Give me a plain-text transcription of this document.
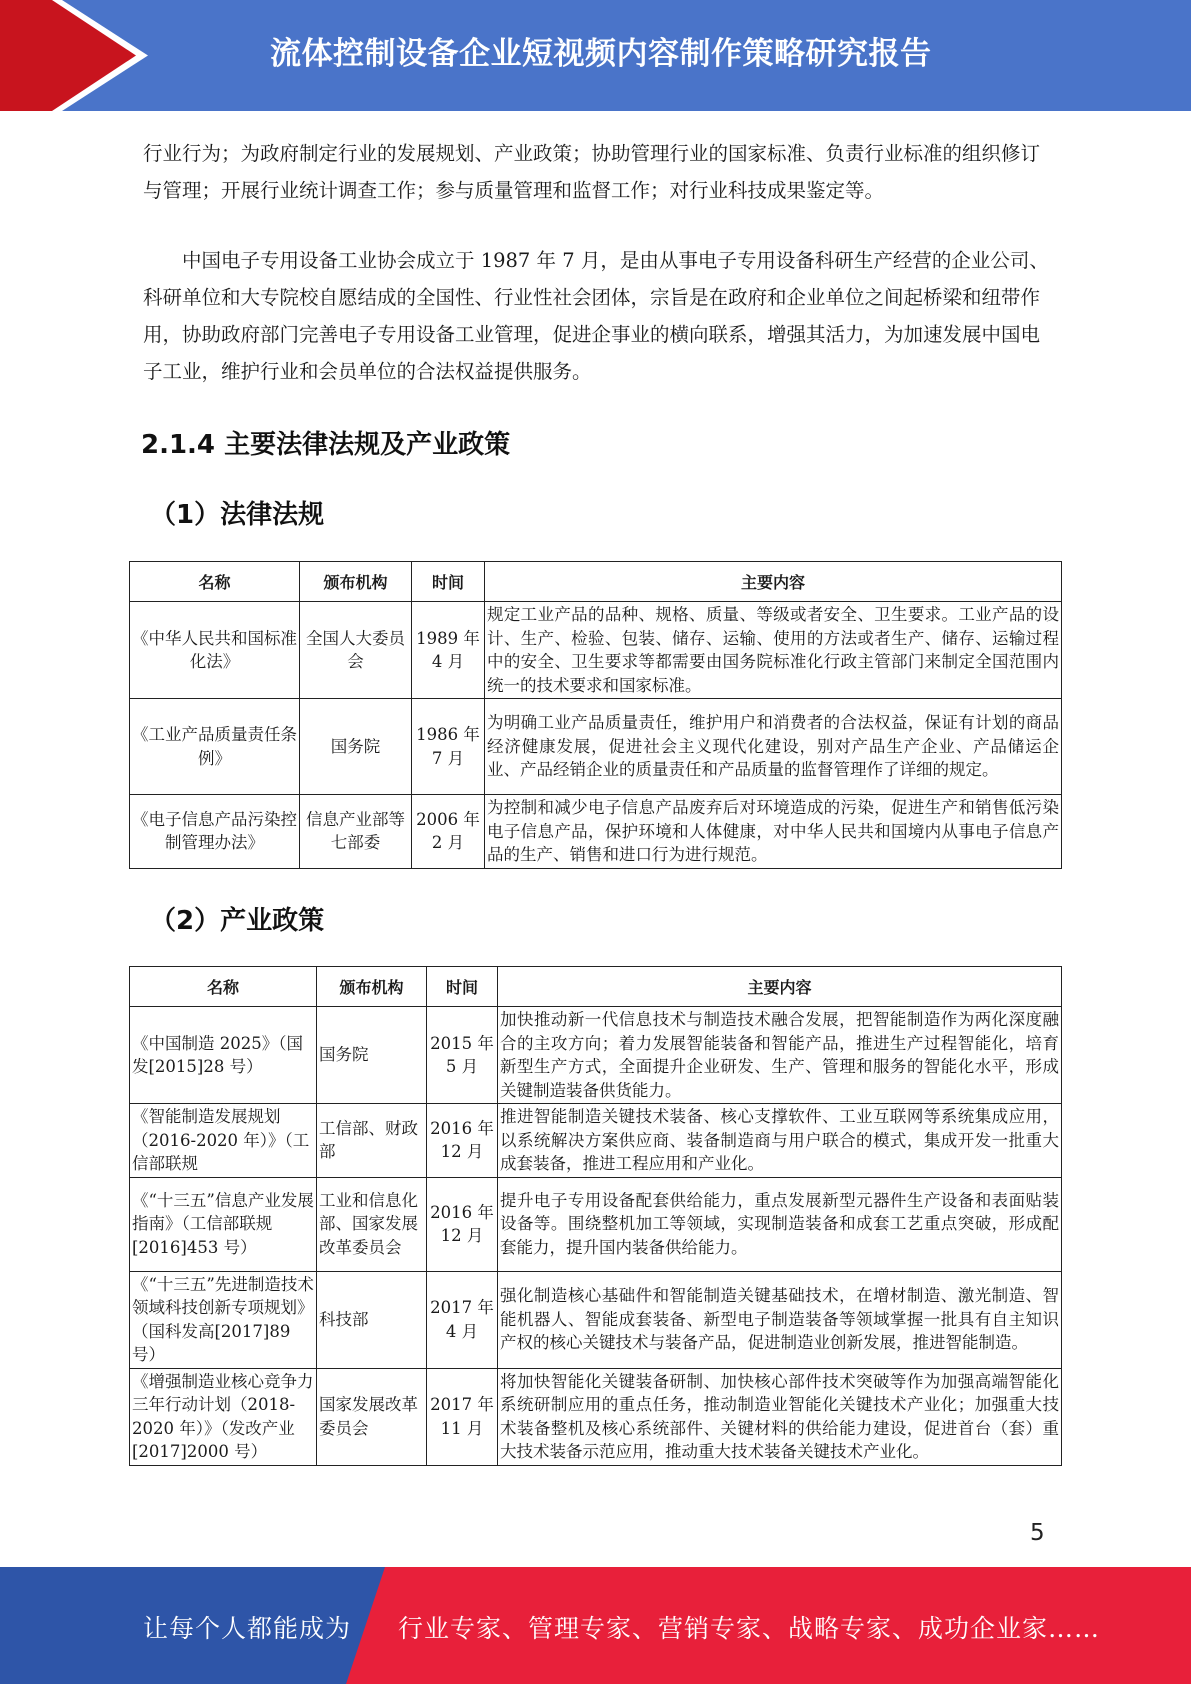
流体控制设备企业短视频内容制作策略研究报告

行业行为；为政府制定行业的发展规划、产业政策；协助管理行业的国家标准、负责行业标准的组织修订与管理；开展行业统计调查工作；参与质量管理和监督工作；对行业科技成果鉴定等。

中国电子专用设备工业协会成立于 1987 年 7 月，是由从事电子专用设备科研生产经营的企业公司、科研单位和大专院校自愿结成的全国性、行业性社会团体，宗旨是在政府和企业单位之间起桥梁和纽带作用，协助政府部门完善电子专用设备工业管理，促进企事业的横向联系，增强其活力，为加速发展中国电子工业，维护行业和会员单位的合法权益提供服务。

2.1.4 主要法律法规及产业政策
（1）法律法规
名称	颁布机构	时间	主要内容
《中华人民共和国标准化法》	全国人大委员会	1989 年 4 月	规定工业产品的品种、规格、质量、等级或者安全、卫生要求。工业产品的设计、生产、检验、包装、储存、运输、使用的方法或者生产、储存、运输过程中的安全、卫生要求等都需要由国务院标准化行政主管部门来制定全国范围内统一的技术要求和国家标准。
《工业产品质量责任条例》	国务院	1986 年 7 月	为明确工业产品质量责任，维护用户和消费者的合法权益，保证有计划的商品经济健康发展，促进社会主义现代化建设，别对产品生产企业、产品储运企业、产品经销企业的质量责任和产品质量的监督管理作了详细的规定。
《电子信息产品污染控制管理办法》	信息产业部等七部委	2006 年 2 月	为控制和减少电子信息产品废弃后对环境造成的污染，促进生产和销售低污染电子信息产品，保护环境和人体健康，对中华人民共和国境内从事电子信息产品的生产、销售和进口行为进行规范。
（2）产业政策
名称	颁布机构	时间	主要内容
《中国制造 2025》（国 发[2015]28 号）	国务院	2015 年 5 月	加快推动新一代信息技术与制造技术融合发展，把智能制造作为两化深度融合的主攻方向；着力发展智能装备和智能产品，推进生产过程智能化，培育新型生产方式，全面提升企业研发、生产、管理和服务的智能化水平，形成关键制造装备供货能力。
《智能制造发展规划（2016-2020 年）》（工 信部联规	工信部、财政部	2016 年 12 月	推进智能制造关键技术装备、核心支撑软件、工业互联网等系统集成应用，以系统解决方案供应商、装备制造商与用户联合的模式，集成开发一批重大成套装备，推进工程应用和产业化。
《“十三五”信息产业发展指南》（工信部联规[2016]453 号）	工业和信息化部、国家发展改革委员会	2016 年 12 月	提升电子专用设备配套供给能力，重点发展新型元器件生产设备和表面贴装设备等。围绕整机加工等领域，实现制造装备和成套工艺重点突破，形成配套能力，提升国内装备供给能力。
《“十三五”先进制造技术领域科技创新专项规划》（国科发高[2017]89 号）	科技部	2017 年 4 月	强化制造核心基础件和智能制造关键基础技术，在增材制造、激光制造、智能机器人、智能成套装备、新型电子制造装备等领域掌握一批具有自主知识产权的核心关键技术与装备产品，促进制造业创新发展，推进智能制造。
《增强制造业核心竞争力三年行动计划（2018-2020 年）》（发改产业[2017]2000 号）	国家发展改革委员会	2017 年 11 月	将加快智能化关键装备研制、加快核心部件技术突破等作为加强高端智能化系统研制应用的重点任务，推动制造业智能化关键技术产业化；加强重大技术装备整机及核心系统部件、关键材料的供给能力建设，促进首台（套）重大技术装备示范应用，推动重大技术装备关键技术产业化。
5
让每个人都能成为 行业专家、管理专家、营销专家、战略专家、成功企业家……
